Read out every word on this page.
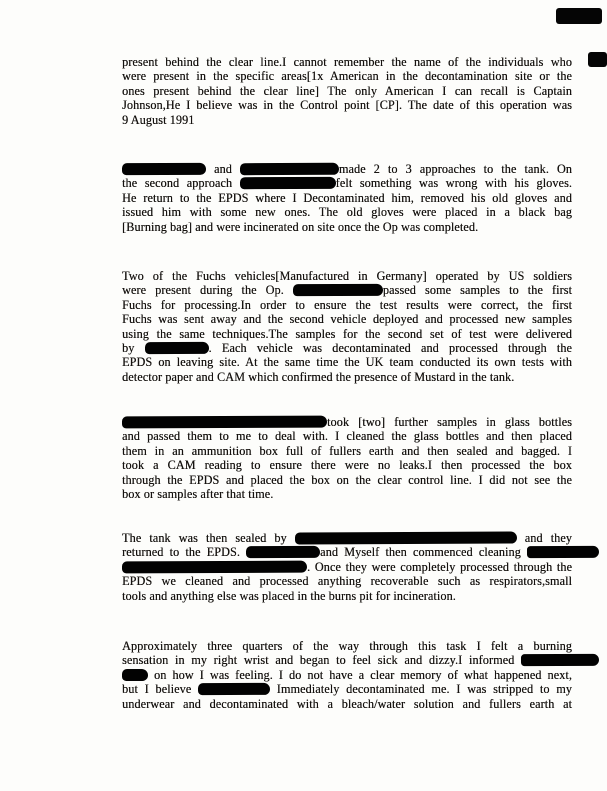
present behind the clear line.I cannot remember the name of the individuals who
were present in the specific areas[1x American in the decontamination site or the
ones present behind the clear line] The only American I can recall is Captain
Johnson,He I believe was in the Control point [CP]. The date of this operation was
9 August 1991
and	made 2 to 3 approaches to the tank. On
the second approach	felt something was wrong with his gloves.
He return to the EPDS where I Decontaminated him, removed his old gloves and
issued him with some new ones. The old gloves were placed in a black bag
[Burning bag] and were incinerated on site once the Op was completed.
Two of the Fuchs vehicles[Manufactured in Germany] operated by US soldiers
were present during the Op.	passed some samples to the first
Fuchs for processing.In order to ensure the test results were correct, the first
Fuchs was sent away and the second vehicle deployed and processed new samples
using the same techniques.The samples for the second set of test were delivered
by	. Each vehicle was decontaminated and processed through the
EPDS on leaving site. At the same time the UK team conducted its own tests with
detector paper and CAM which confirmed the presence of Mustard in the tank.
took [two] further samples in glass bottles
and passed them to me to deal with. I cleaned the glass bottles and then placed
them in an ammunition box full of fullers earth and then sealed and bagged. I
took a CAM reading to ensure there were no leaks.I then processed the box
through the EPDS and placed the box on the clear control line. I did not see the
box or samples after that time.
The tank was then sealed by	and they
returned to the EPDS.	and Myself then commenced cleaning
. Once they were completely processed through the
EPDS we cleaned and processed anything recoverable such as respirators,small
tools and anything else was placed in the burns pit for incineration.
Approximately three quarters of the way through this task I felt a burning
sensation in my right wrist and began to feel sick and dizzy.I informed
on how I was feeling. I do not have a clear memory of what happened next,
but I believe	Immediately decontaminated me. I was stripped to my
underwear and decontaminated with a bleach/water solution and fullers earth at
